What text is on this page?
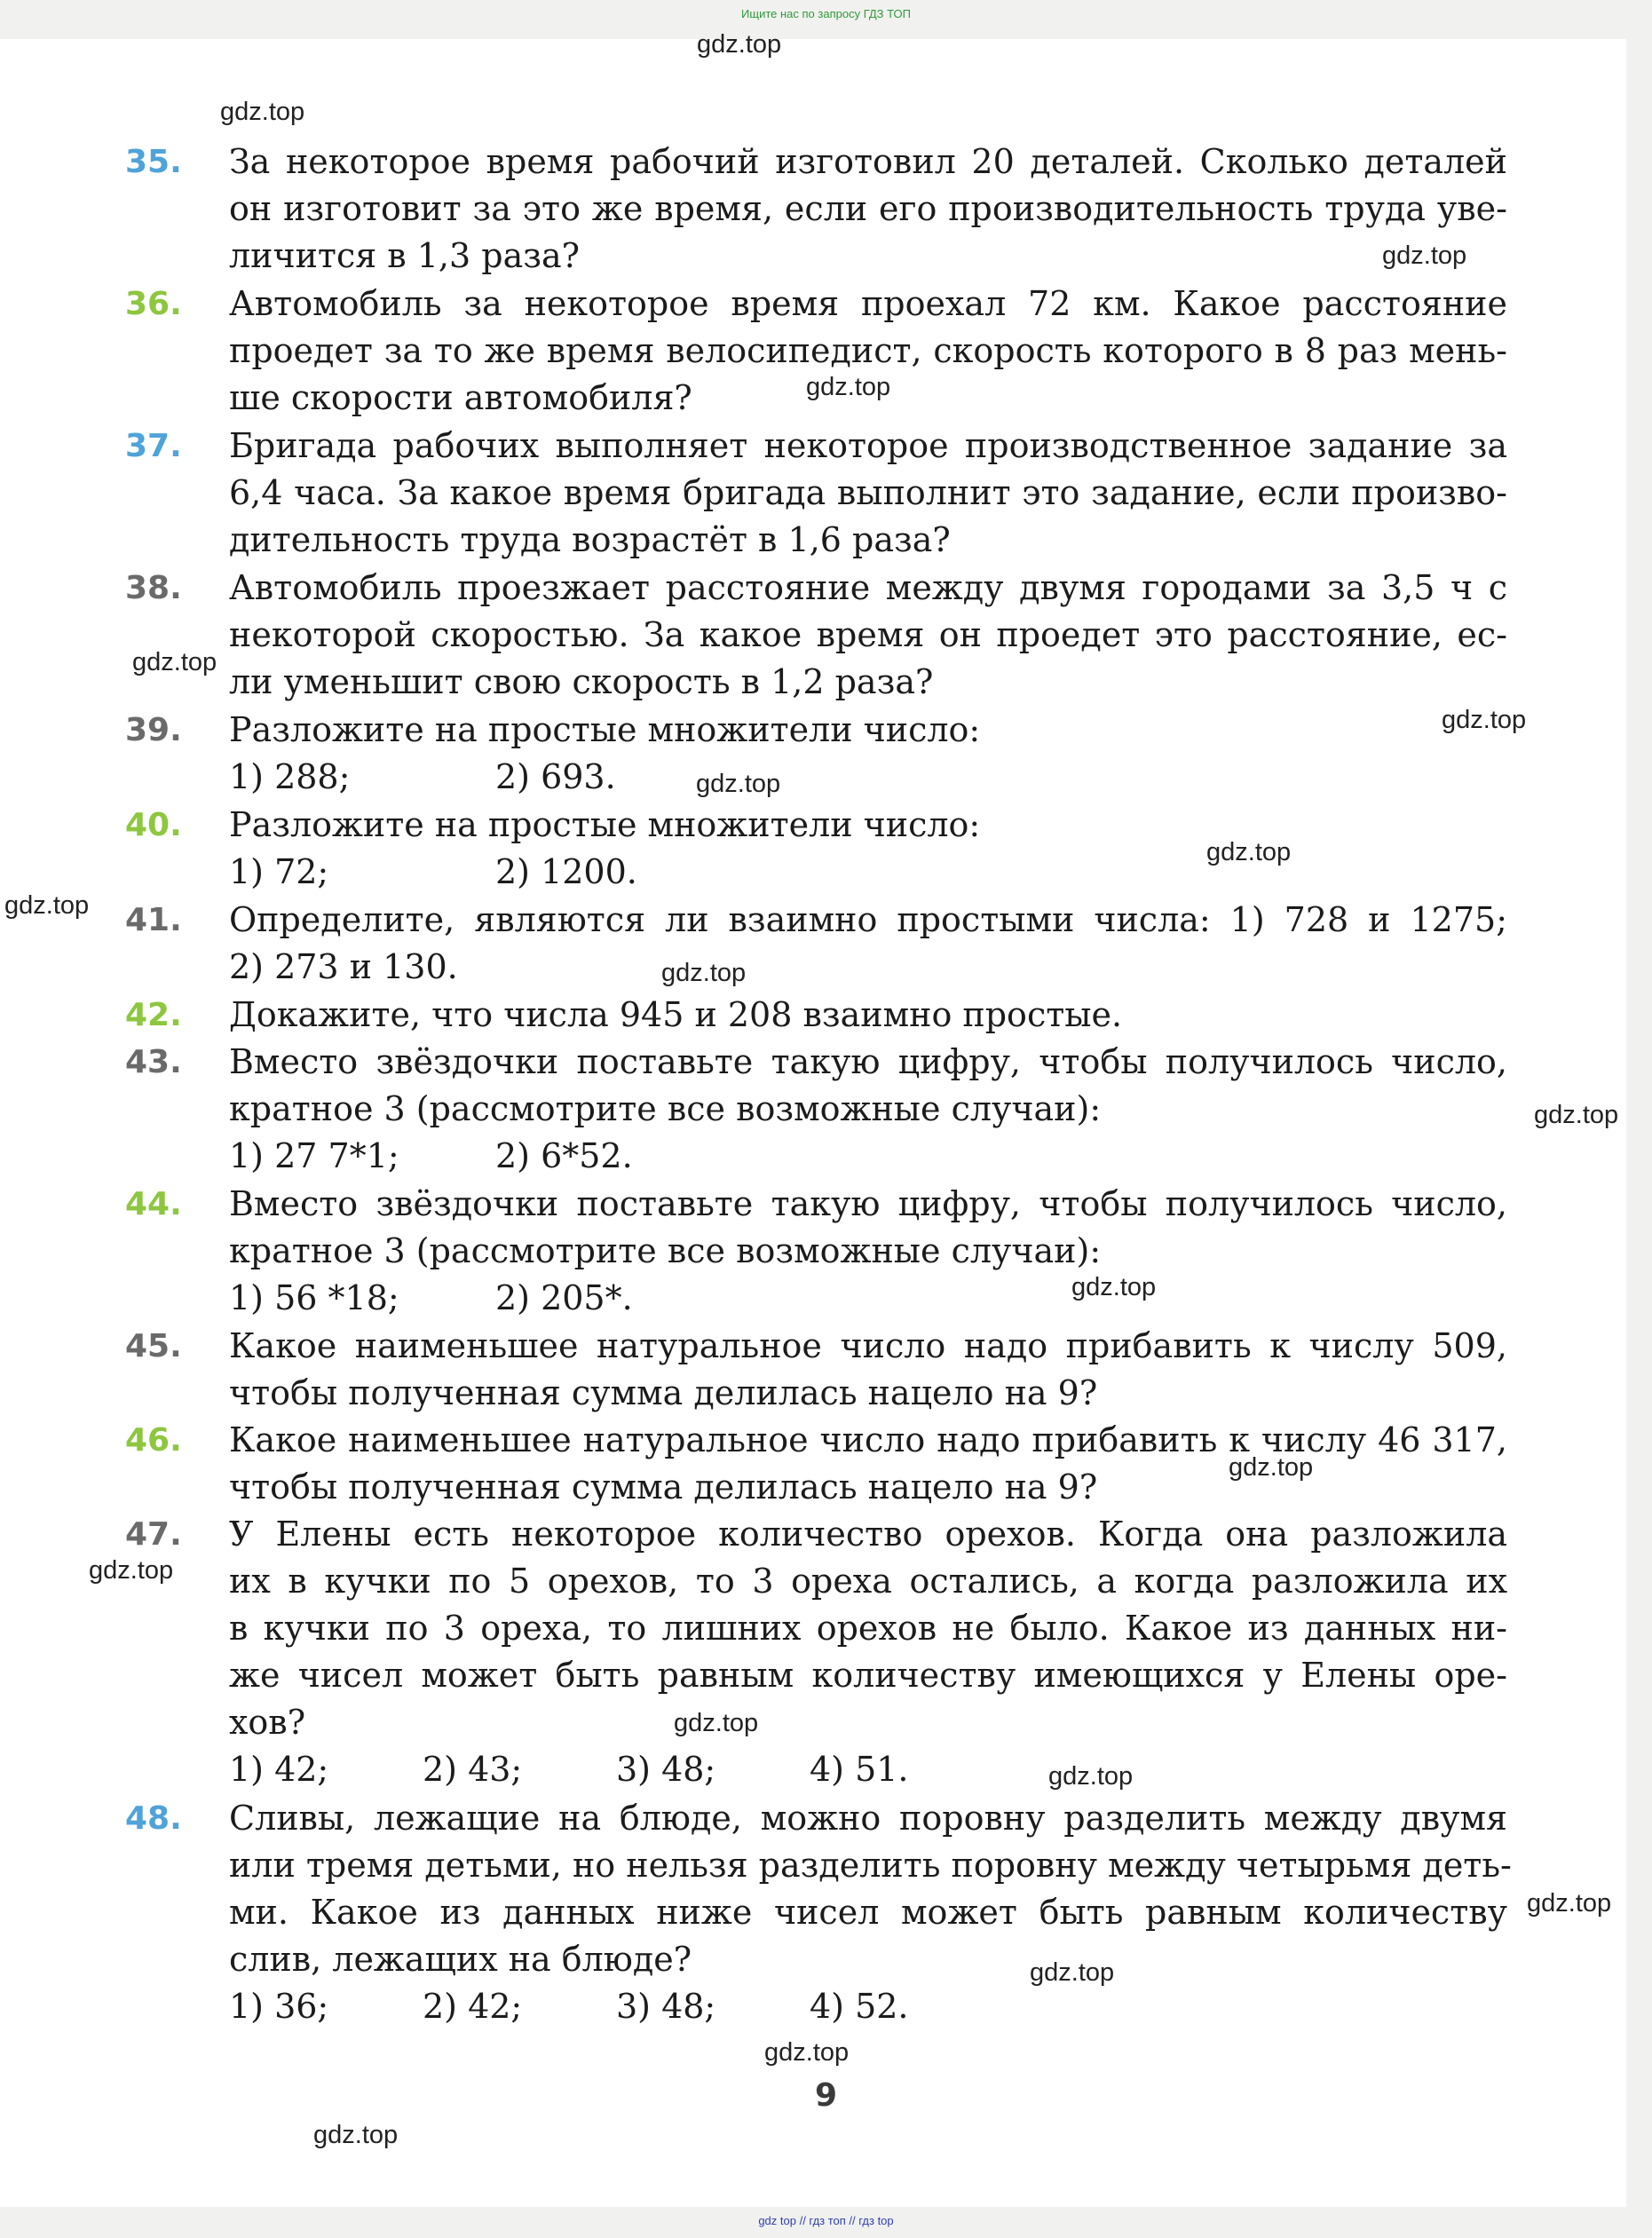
Ищите нас по запросу ГДЗ ТОП
35. За некоторое время рабочий изготовил 20 деталей. Сколько деталей
он изготовит за это же время, если его производительность труда уве-
личится в 1,3 раза?
36. Автомобиль за некоторое время проехал 72 км. Какое расстояние
проедет за то же время велосипедист, скорость которого в 8 раз мень-
ше скорости автомобиля?
37. Бригада рабочих выполняет некоторое производственное задание за
6,4 часа. За какое время бригада выполнит это задание, если произво-
дительность труда возрастёт в 1,6 раза?
38. Автомобиль проезжает расстояние между двумя городами за 3,5 ч с
некоторой скоростью. За какое время он проедет это расстояние, ес-
ли уменьшит свою скорость в 1,2 раза?
39. Разложите на простые множители число:
1) 288;	2) 693.
40. Разложите на простые множители число:
1) 72;	2) 1200.
41. Определите, являются ли взаимно простыми числа: 1) 728 и 1275;
2) 273 и 130.
42. Докажите, что числа 945 и 208 взаимно простые.
43. Вместо звёздочки поставьте такую цифру, чтобы получилось число,
кратное 3 (рассмотрите все возможные случаи):
1) 27 7*1;	2) 6*52.
44. Вместо звёздочки поставьте такую цифру, чтобы получилось число,
кратное 3 (рассмотрите все возможные случаи):
1) 56 *18;	2) 205*.
45. Какое наименьшее натуральное число надо прибавить к числу 509,
чтобы полученная сумма делилась нацело на 9?
46. Какое наименьшее натуральное число надо прибавить к числу 46 317,
чтобы полученная сумма делилась нацело на 9?
47. У Елены есть некоторое количество орехов. Когда она разложила
их в кучки по 5 орехов, то 3 ореха остались, а когда разложила их
в кучки по 3 ореха, то лишних орехов не было. Какое из данных ни-
же чисел может быть равным количеству имеющихся у Елены оре-
хов?
1) 42;	2) 43;	3) 48;	4) 51.
48. Сливы, лежащие на блюде, можно поровну разделить между двумя
или тремя детьми, но нельзя разделить поровну между четырьмя деть-
ми. Какое из данных ниже чисел может быть равным количеству
слив, лежащих на блюде?
1) 36;	2) 42;	3) 48;	4) 52.
9
gdz.top
gdz.top
gdz.top
gdz.top
gdz.top
gdz.top
gdz.top
gdz.top
gdz.top
gdz.top
gdz.top
gdz.top
gdz.top
gdz.top
gdz.top
gdz.top
gdz.top
gdz.top
gdz.top
gdz.top
gdz top // гдз топ // гдз top
